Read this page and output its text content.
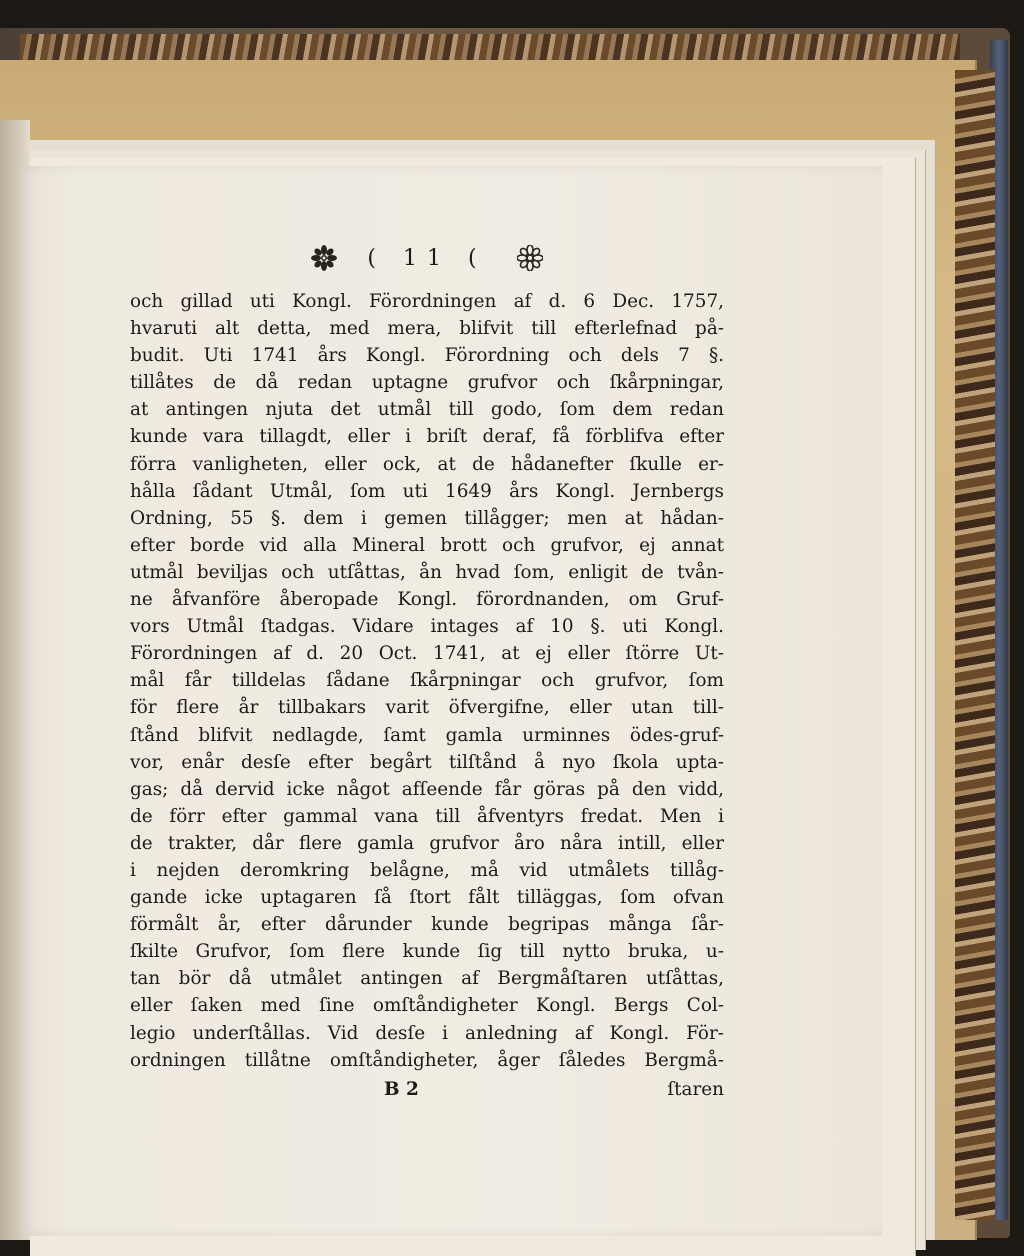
( 11 (
och gillad uti Kongl. Förordningen af d. 6 Dec. 1757,
hvaruti alt detta, med mera, blifvit till efterlefnad på-
budit. Uti 1741 års Kongl. Förordning och dels 7 §.
tillåtes de då redan uptagne grufvor och ſkårpningar,
at antingen njuta det utmål till godo, ſom dem redan
kunde vara tillagdt, eller i briſt deraf, få förblifva efter
förra vanligheten, eller ock, at de hådanefter ſkulle er-
hålla ſådant Utmål, ſom uti 1649 års Kongl. Jernbergs
Ordning, 55 §. dem i gemen tillågger; men at hådan-
efter borde vid alla Mineral brott och grufvor, ej annat
utmål beviljas och utſåttas, ån hvad ſom, enligit de tvån-
ne åfvanföre åberopade Kongl. förordnanden, om Gruf-
vors Utmål ſtadgas. Vidare intages af 10 §. uti Kongl.
Förordningen af d. 20 Oct. 1741, at ej eller ſtörre Ut-
mål får tilldelas ſådane ſkårpningar och grufvor, ſom
för flere år tillbakars varit öfvergifne, eller utan till-
ſtånd blifvit nedlagde, ſamt gamla urminnes ödes-gruf-
vor, enår desſe efter begårt tilſtånd å nyo ſkola upta-
gas; då dervid icke något afſeende får göras på den vidd,
de förr efter gammal vana till åfventyrs fredat. Men i
de trakter, dår flere gamla grufvor åro nåra intill, eller
i nejden deromkring belågne, må vid utmålets tillåg-
gande icke uptagaren ſå ſtort fålt tilläggas, ſom ofvan
förmålt år, efter dårunder kunde begripas många ſår-
ſkilte Grufvor, ſom flere kunde ſig till nytto bruka, u-
tan bör då utmålet antingen af Bergmåſtaren utſåttas,
eller ſaken med ſine omſtåndigheter Kongl. Bergs Col-
legio underſtållas. Vid desſe i anledning af Kongl. För-
ordningen tillåtne omſtåndigheter, åger ſåledes Bergmå-
B 2	ſtaren
